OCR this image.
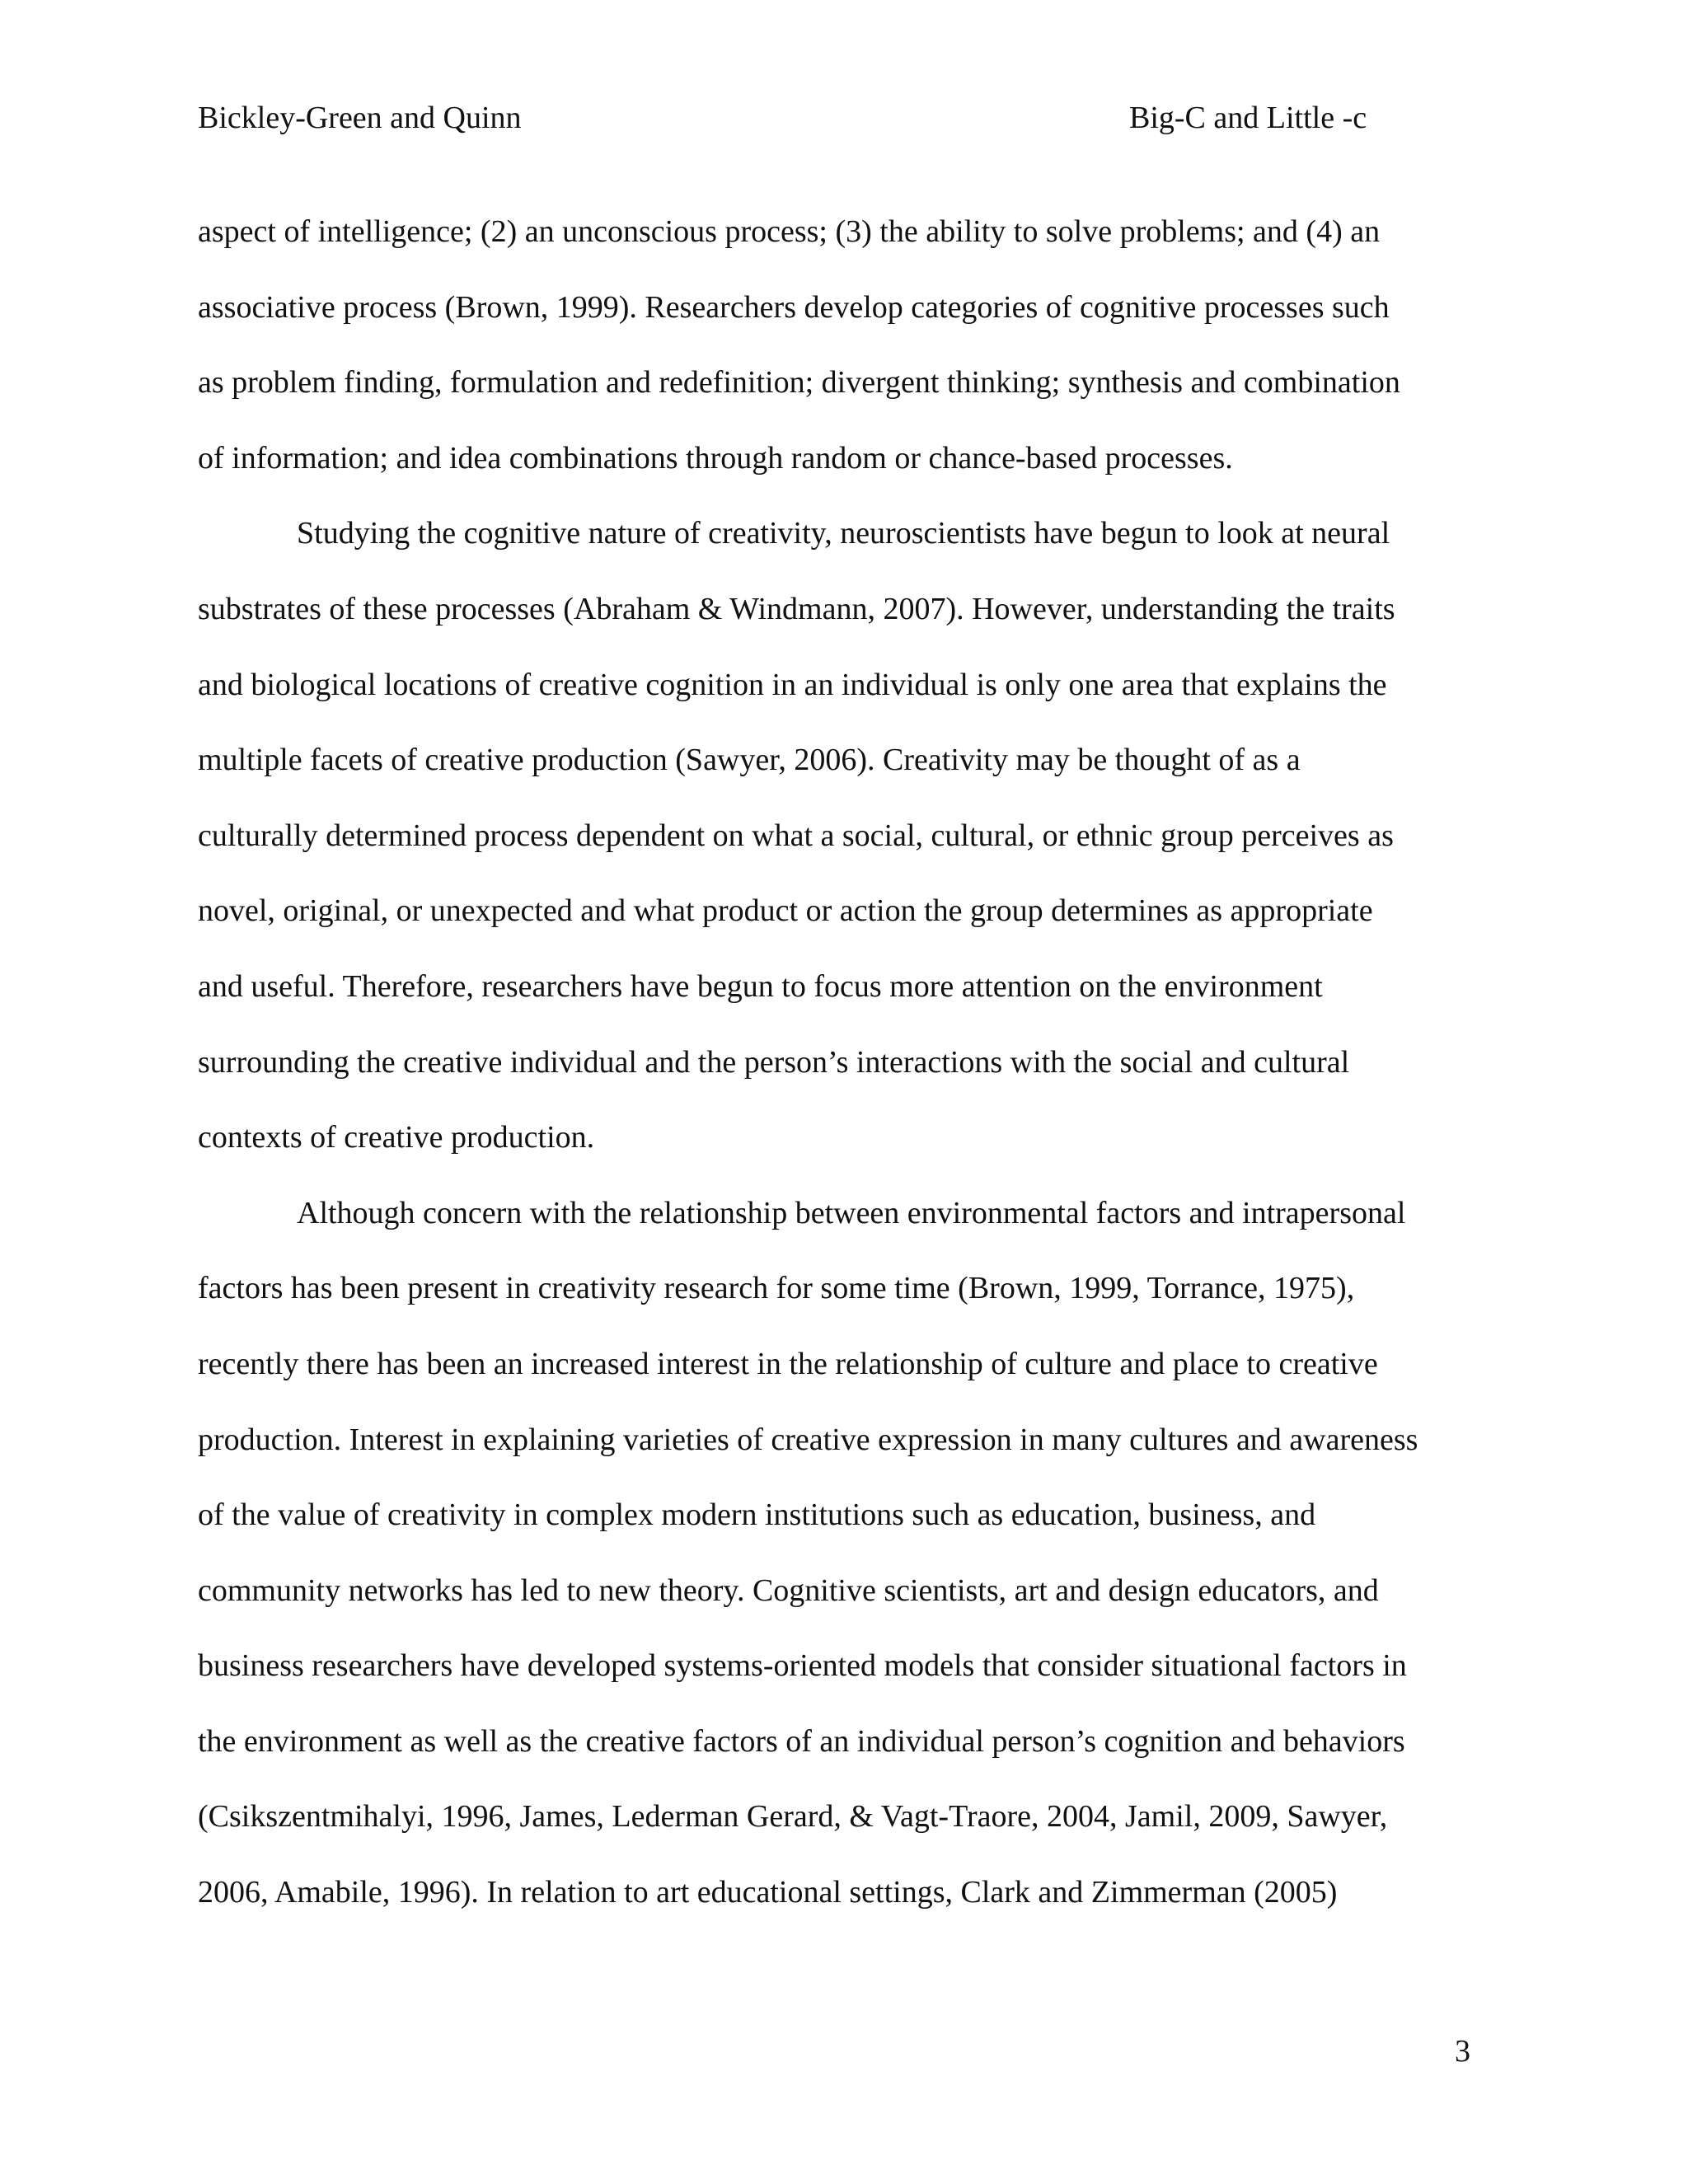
Bickley-Green and Quinn	Big-C and Little -c
aspect of intelligence; (2) an unconscious process; (3) the ability to solve problems; and (4) an
associative process (Brown, 1999). Researchers develop categories of cognitive processes such
as problem finding, formulation and redefinition; divergent thinking; synthesis and combination
of information; and idea combinations through random or chance-based processes.
Studying the cognitive nature of creativity, neuroscientists have begun to look at neural
substrates of these processes (Abraham & Windmann, 2007). However, understanding the traits
and biological locations of creative cognition in an individual is only one area that explains the
multiple facets of creative production (Sawyer, 2006). Creativity may be thought of as a
culturally determined process dependent on what a social, cultural, or ethnic group perceives as
novel, original, or unexpected and what product or action the group determines as appropriate
and useful. Therefore, researchers have begun to focus more attention on the environment
surrounding the creative individual and the person’s interactions with the social and cultural
contexts of creative production.
Although concern with the relationship between environmental factors and intrapersonal
factors has been present in creativity research for some time (Brown, 1999, Torrance, 1975),
recently there has been an increased interest in the relationship of culture and place to creative
production. Interest in explaining varieties of creative expression in many cultures and awareness
of the value of creativity in complex modern institutions such as education, business, and
community networks has led to new theory. Cognitive scientists, art and design educators, and
business researchers have developed systems-oriented models that consider situational factors in
the environment as well as the creative factors of an individual person’s cognition and behaviors
(Csikszentmihalyi, 1996, James, Lederman Gerard, & Vagt-Traore, 2004, Jamil, 2009, Sawyer,
2006, Amabile, 1996). In relation to art educational settings, Clark and Zimmerman (2005)
3
